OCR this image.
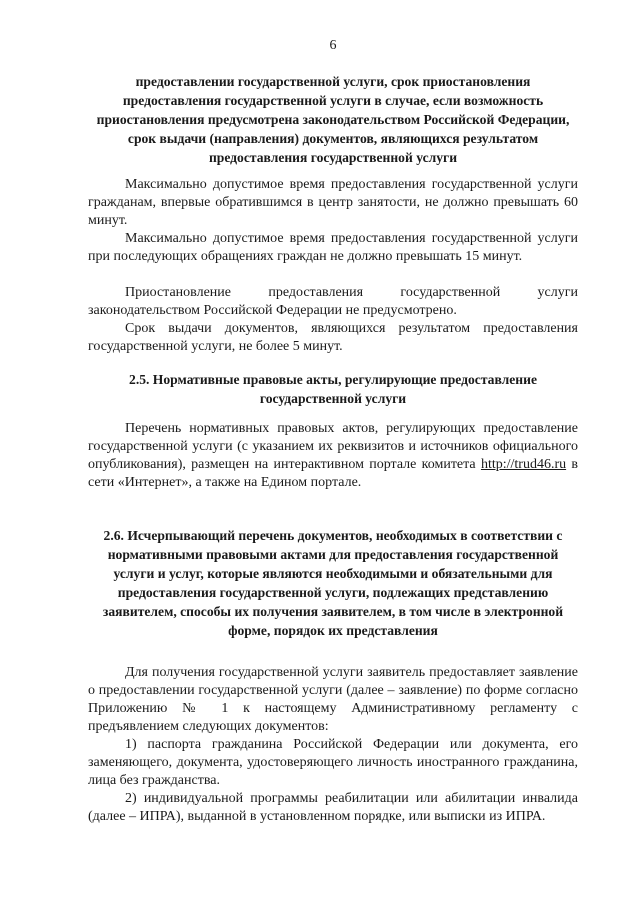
6
предоставлении государственной услуги, срок приостановления предоставления государственной услуги в случае, если возможность приостановления предусмотрена законодательством Российской Федерации, срок выдачи (направления) документов, являющихся результатом предоставления государственной услуги

Максимально допустимое время предоставления государственной услуги гражданам, впервые обратившимся в центр занятости, не должно превышать 60 минут.

Максимально допустимое время предоставления государственной услуги при последующих обращениях граждан не должно превышать 15 минут.

Приостановление предоставления государственной услуги законодательством Российской Федерации не предусмотрено.

Срок выдачи документов, являющихся результатом предоставления государственной услуги, не более 5 минут.

2.5. Нормативные правовые акты, регулирующие предоставление государственной услуги

Перечень нормативных правовых актов, регулирующих предоставление государственной услуги (с указанием их реквизитов и источников официального опубликования), размещен на интерактивном портале комитета http://trud46.ru в сети «Интернет», а также на Едином портале.

2.6. Исчерпывающий перечень документов, необходимых в соответствии с нормативными правовыми актами для предоставления государственной услуги и услуг, которые являются необходимыми и обязательными для предоставления государственной услуги, подлежащих представлению заявителем, способы их получения заявителем, в том числе в электронной форме, порядок их представления

Для получения государственной услуги заявитель предоставляет заявление о предоставлении государственной услуги (далее – заявление) по форме согласно Приложению № 1 к настоящему Административному регламенту с предъявлением следующих документов:

1) паспорта гражданина Российской Федерации или документа, его заменяющего, документа, удостоверяющего личность иностранного гражданина, лица без гражданства.

2) индивидуальной программы реабилитации или абилитации инвалида (далее – ИПРА), выданной в установленном порядке, или выписки из ИПРА.
